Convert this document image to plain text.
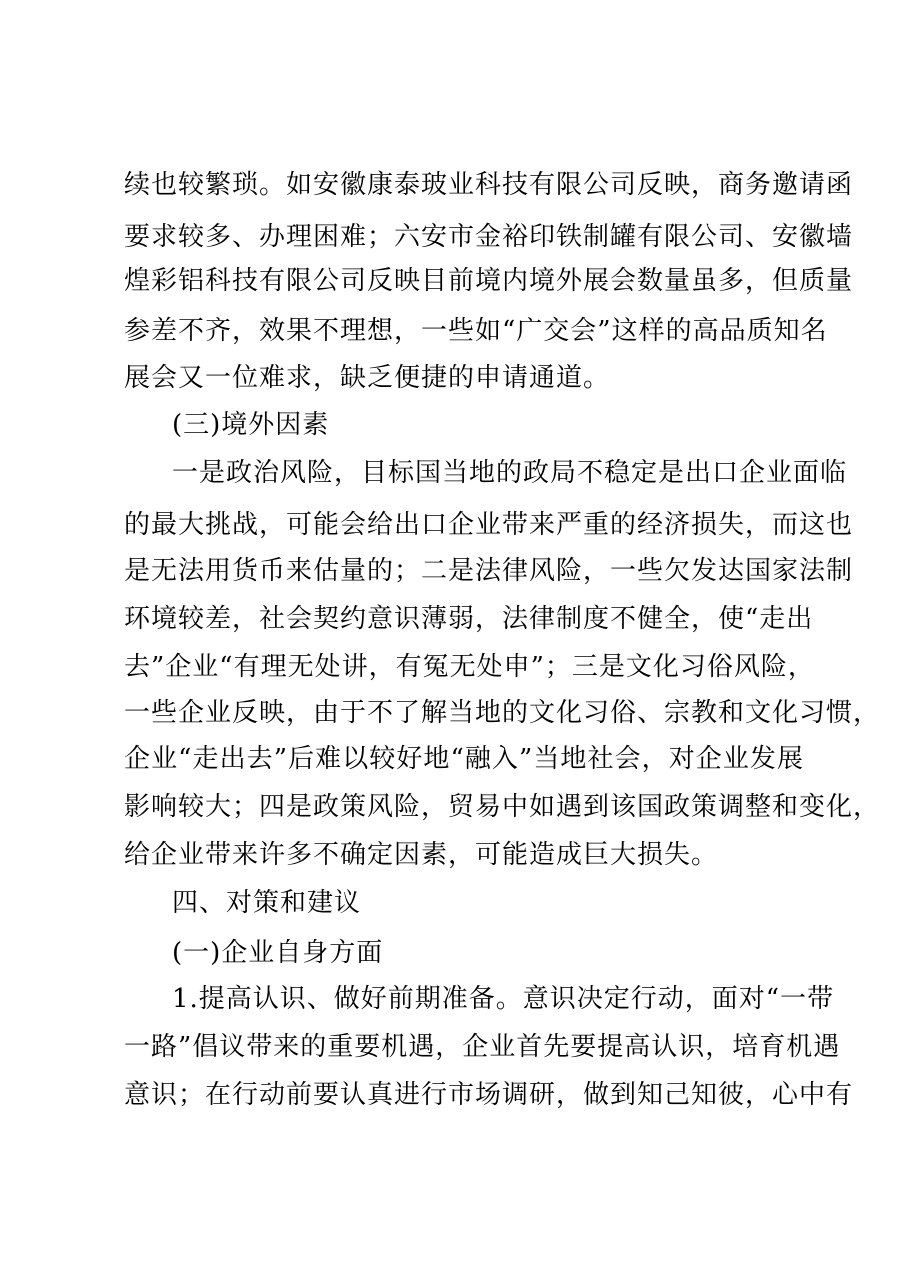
续也较繁琐。如安徽康泰玻业科技有限公司反映，商务邀请函
要求较多、办理困难；六安市金裕印铁制罐有限公司、安徽墙
煌彩铝科技有限公司反映目前境内境外展会数量虽多，但质量
参差不齐，效果不理想，一些如“广交会”这样的高品质知名
展会又一位难求，缺乏便捷的申请通道。
(三)境外因素
一是政治风险，目标国当地的政局不稳定是出口企业面临
的最大挑战，可能会给出口企业带来严重的经济损失，而这也
是无法用货币来估量的；二是法律风险，一些欠发达国家法制
环境较差，社会契约意识薄弱，法律制度不健全，使“走出
去”企业“有理无处讲，有冤无处申”；三是文化习俗风险，
一些企业反映，由于不了解当地的文化习俗、宗教和文化习惯，
企业“走出去”后难以较好地“融入”当地社会，对企业发展
影响较大；四是政策风险，贸易中如遇到该国政策调整和变化，
给企业带来许多不确定因素，可能造成巨大损失。
四、对策和建议
(一)企业自身方面
1.提高认识、做好前期准备。意识决定行动，面对“一带
一路”倡议带来的重要机遇，企业首先要提高认识，培育机遇
意识；在行动前要认真进行市场调研，做到知己知彼，心中有
